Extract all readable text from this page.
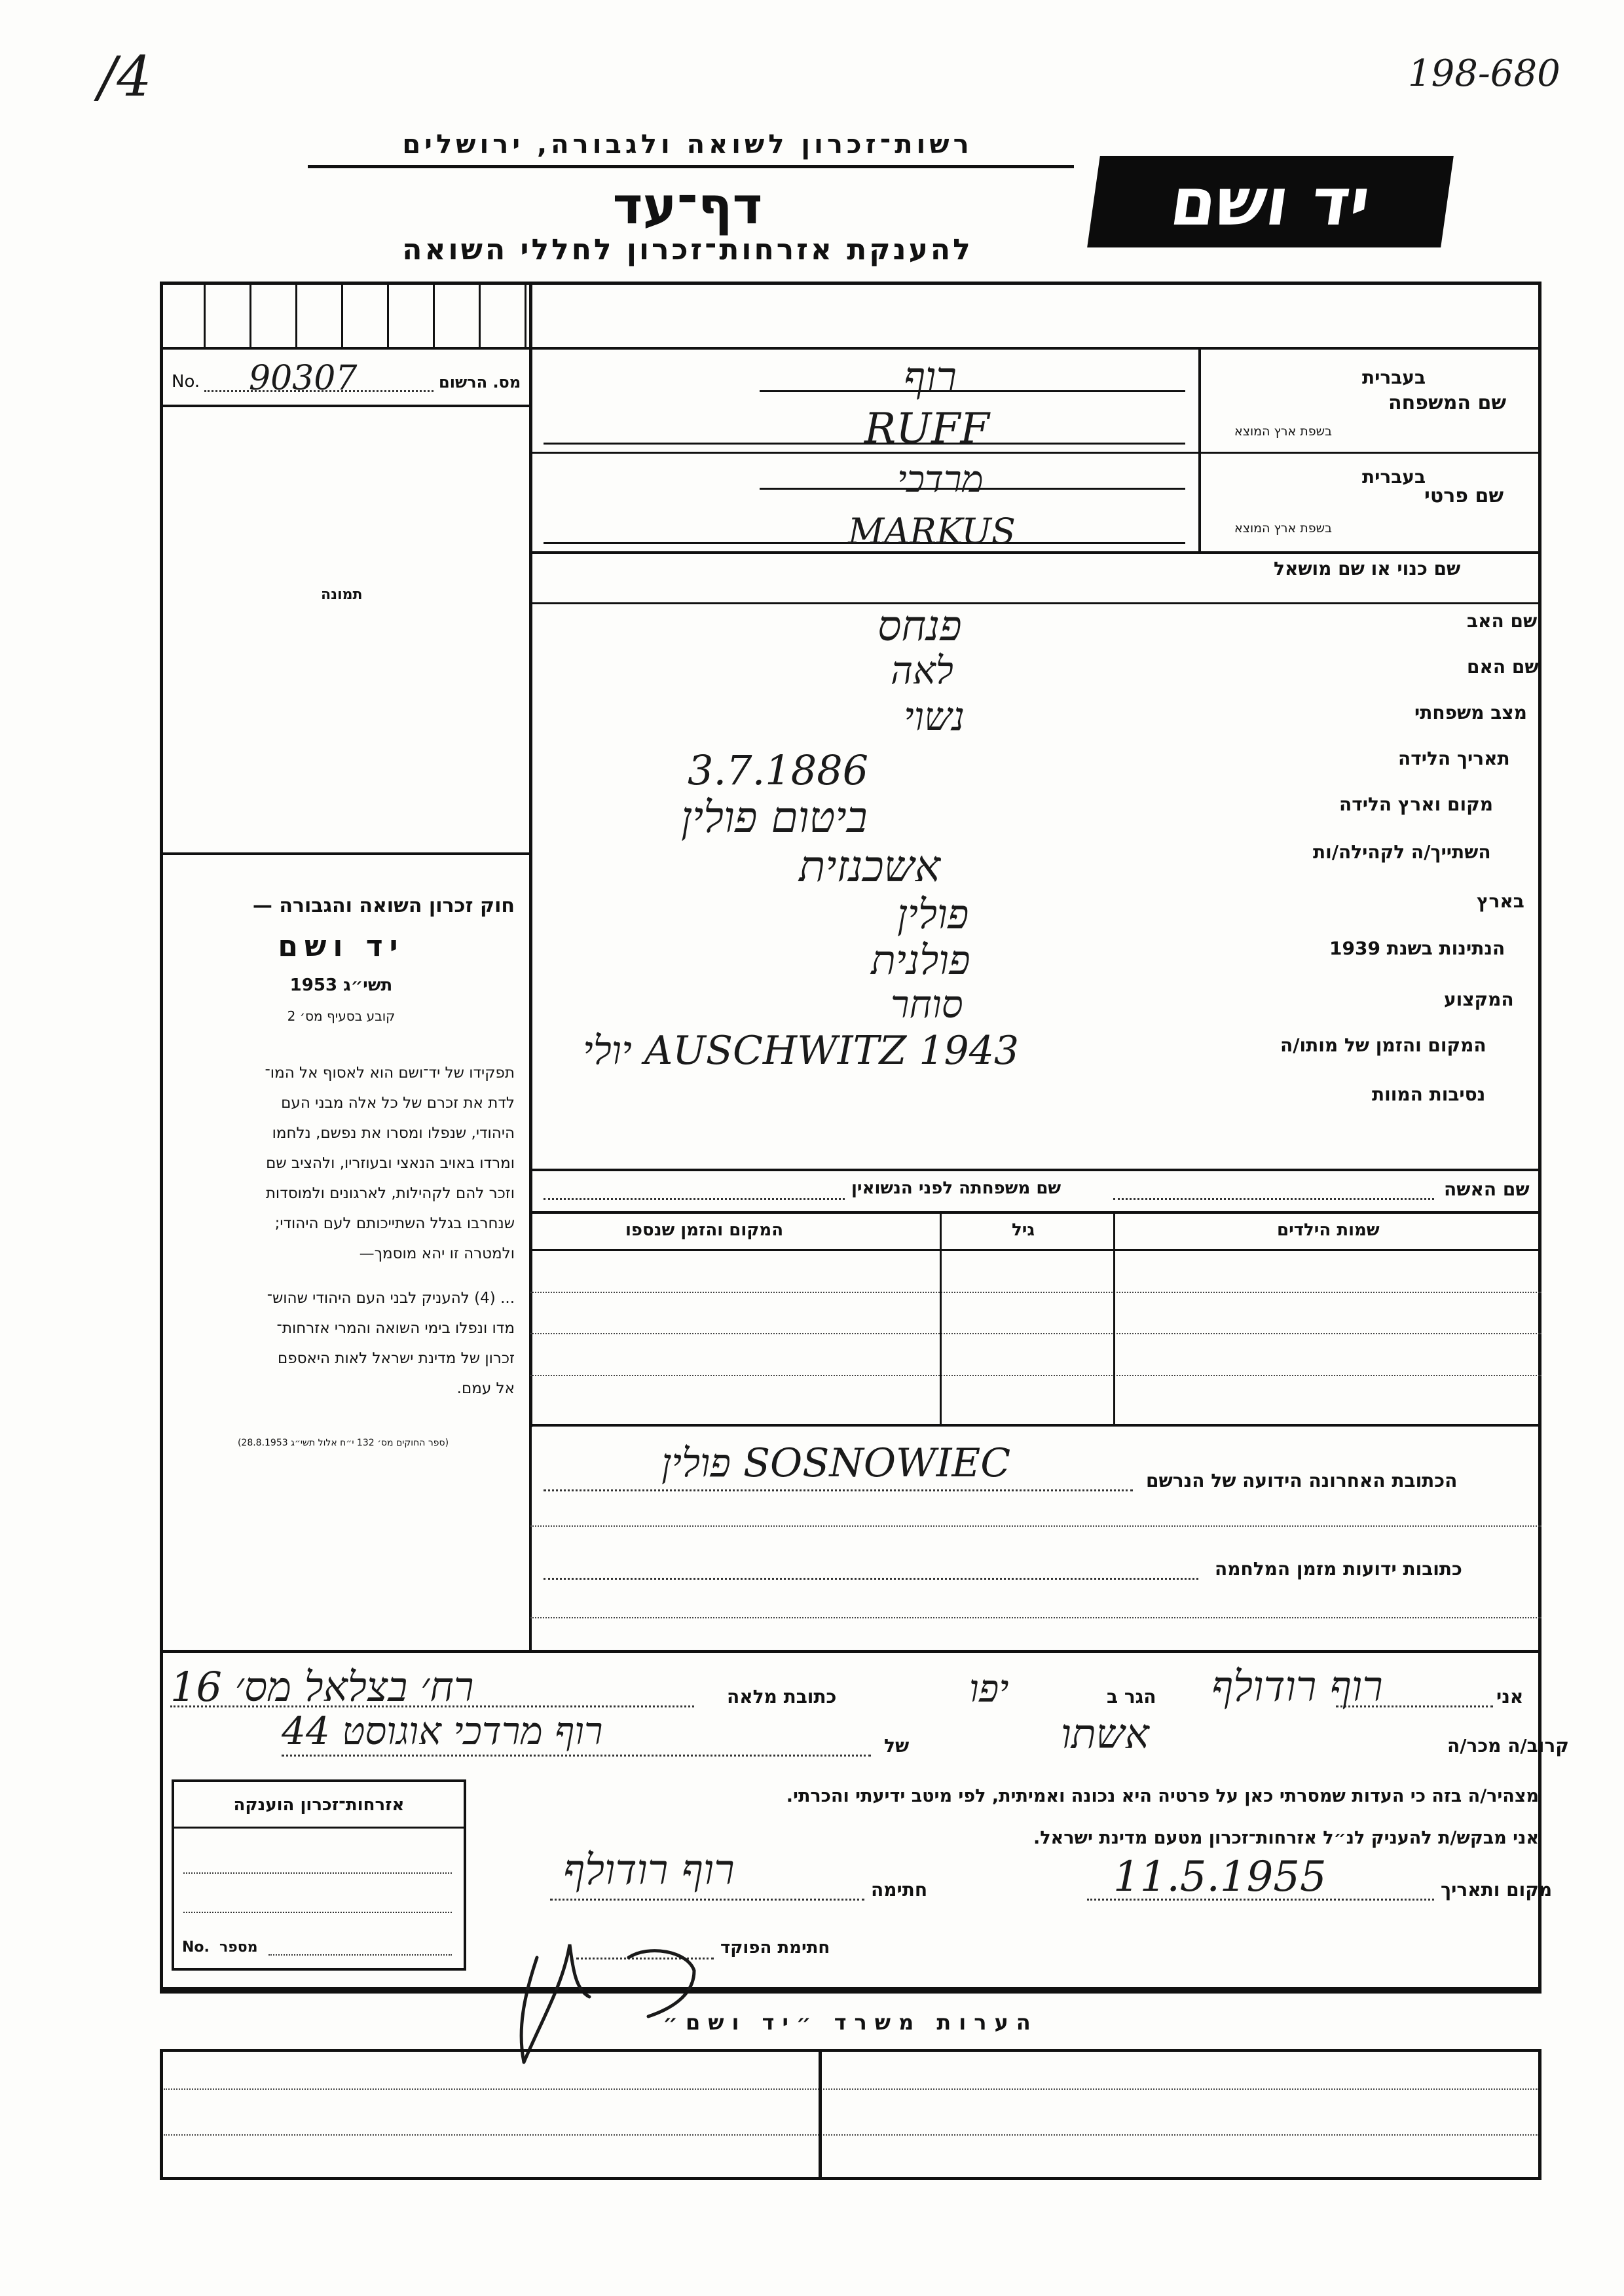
/4	198-680
רשות־זכרון לשואה ולגבורה, ירושלים
דף־עד
להענקת אזרחות־זכרון לחללי השואה
יד ושם
No. 90307	מס. הרשום
תמונה
חוק זכרון השואה והגבורה —
יד ושם
תשי״ג 1953
קובע בסעיף מס׳ 2
תפקידו של יד־ושם הוא לאסוף אל המו־
לדת את זכרם של כל אלה מבני העם
היהודי, שנפלו ומסרו את נפשם, נלחמו
ומרדו באויב הנאצי ובעוזריו, ולהציב שם
וזכר להם לקהילות, לארגונים ולמוסדות
שנחרבו בגלל השתייכותם לעם היהודי;
ולמטרה זו יהא מוסמך—
... (4) להעניק לבני העם היהודי שהוש־
מדו ונפלו בימי השואה והמרי אזרחות־
זכרון של מדינת ישראל לאות היאספם
אל עמם.
(ספר החוקים מס׳ 132 י״ח אלול תשי״ג 28.8.1953)
בעברית
שם המשפחה
בשפת ארץ המוצא
בעברית
שם פרטי
בשפת ארץ המוצא
שם כנוי או שם מושאל
שם האב
שם האם
מצב משפחתי
תאריך הלידה
מקום וארץ הלידה
השתייך/ה לקהילה/ות
בארץ
הנתינות בשנת 1939
המקצוע
המקום והזמן של מותו/ה
נסיבות המוות
רוף
RUFF
מרדכי
MARKUS
פנחס
לאה
נשוי
3.7.1886
ביטום פולין
אשכנזית
פולין
פולנית
סוחר
AUSCHWITZ 1943 יולי
שם האשה
שם משפחתה לפני הנשואין
שמות הילדים
גיל
המקום והזמן שנספו
הכתובת האחרונה הידועה של הנרשם
SOSNOWIEC פולין
כתובות ידועות מזמן המלחמה
אני
רוף רודולף
הגר ב
יפו
כתובת מלאה
רח׳ בצלאל מס׳ 16
קרוב/ה מכר/ה
אשתו
של
רוף מרדכי אוגוסט 44
מצהיר/ה בזה כי העדות שמסרתי כאן על פרטיה היא נכונה ואמיתית, לפי מיטב ידיעתי והכרתי.
אני מבקש/ת להעניק לנ״ל אזרחות־זכרון מטעם מדינת ישראל.
מקום ותאריך
11.5.1955
חתימה
רוף רודולף
חתימת הפוקד
אזרחות־זכרון הוענקה
No. מספר
הערות משרד ״יד ושם״
